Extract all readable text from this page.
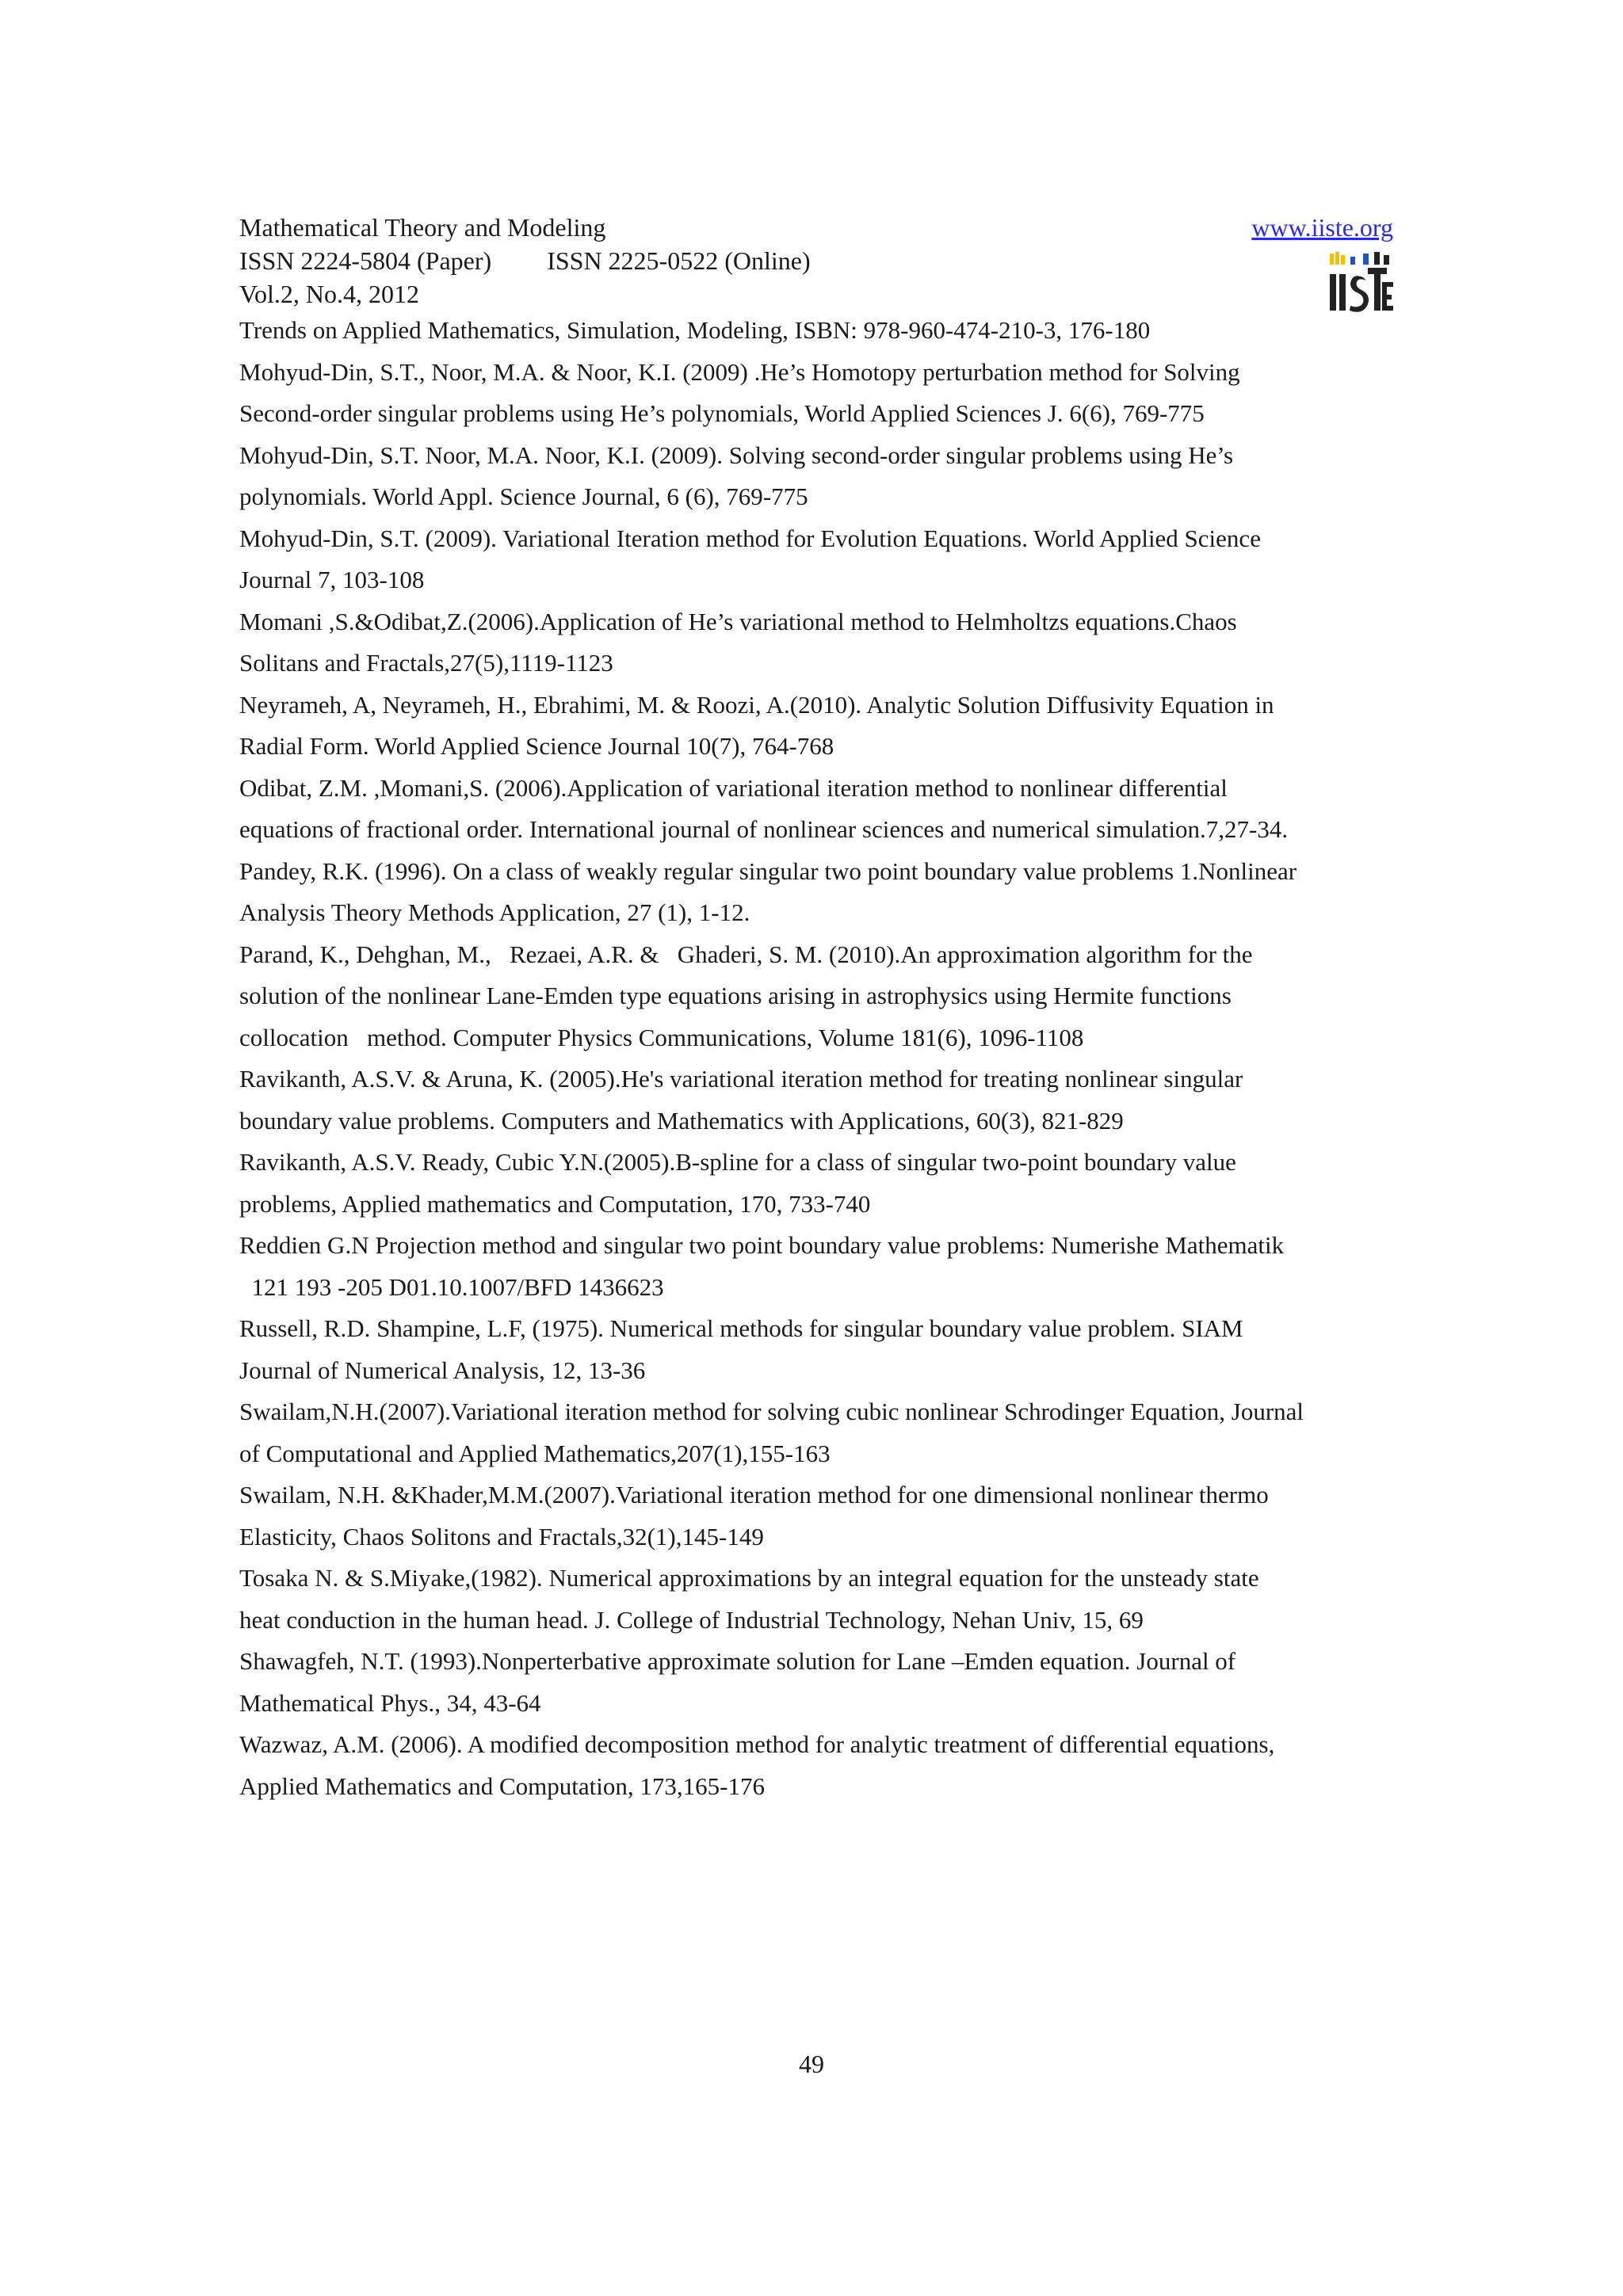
Mathematical Theory and Modeling	www.iiste.org
ISSN 2224-5804 (Paper) ISSN 2225-0522 (Online)
Vol.2, No.4, 2012
Trends on Applied Mathematics, Simulation, Modeling, ISBN: 978-960-474-210-3, 176-180
Mohyud-Din, S.T., Noor, M.A. & Noor, K.I. (2009) .He’s Homotopy perturbation method for Solving
Second-order singular problems using He’s polynomials, World Applied Sciences J. 6(6), 769-775
Mohyud-Din, S.T. Noor, M.A. Noor, K.I. (2009). Solving second-order singular problems using He’s
polynomials. World Appl. Science Journal, 6 (6), 769-775
Mohyud-Din, S.T. (2009). Variational Iteration method for Evolution Equations. World Applied Science
Journal 7, 103-108
Momani ,S.&Odibat,Z.(2006).Application of He’s variational method to Helmholtzs equations.Chaos
Solitans and Fractals,27(5),1119-1123
Neyrameh, A, Neyrameh, H., Ebrahimi, M. & Roozi, A.(2010). Analytic Solution Diffusivity Equation in
Radial Form. World Applied Science Journal 10(7), 764-768
Odibat, Z.M. ,Momani,S. (2006).Application of variational iteration method to nonlinear differential
equations of fractional order. International journal of nonlinear sciences and numerical simulation.7,27-34.
Pandey, R.K. (1996). On a class of weakly regular singular two point boundary value problems 1.Nonlinear
Analysis Theory Methods Application, 27 (1), 1-12.
Parand, K., Dehghan, M.,   Rezaei, A.R. &   Ghaderi, S. M. (2010).An approximation algorithm for the
solution of the nonlinear Lane-Emden type equations arising in astrophysics using Hermite functions
collocation   method. Computer Physics Communications, Volume 181(6), 1096-1108
Ravikanth, A.S.V. & Aruna, K. (2005).He's variational iteration method for treating nonlinear singular
boundary value problems. Computers and Mathematics with Applications, 60(3), 821-829
Ravikanth, A.S.V. Ready, Cubic Y.N.(2005).B-spline for a class of singular two-point boundary value
problems, Applied mathematics and Computation, 170, 733-740
Reddien G.N Projection method and singular two point boundary value problems: Numerishe Mathematik
121 193 -205 D01.10.1007/BFD 1436623
Russell, R.D. Shampine, L.F, (1975). Numerical methods for singular boundary value problem. SIAM
Journal of Numerical Analysis, 12, 13-36
Swailam,N.H.(2007).Variational iteration method for solving cubic nonlinear Schrodinger Equation, Journal
of Computational and Applied Mathematics,207(1),155-163
Swailam, N.H. &Khader,M.M.(2007).Variational iteration method for one dimensional nonlinear thermo
Elasticity, Chaos Solitons and Fractals,32(1),145-149
Tosaka N. & S.Miyake,(1982). Numerical approximations by an integral equation for the unsteady state
heat conduction in the human head. J. College of Industrial Technology, Nehan Univ, 15, 69
Shawagfeh, N.T. (1993).Nonperterbative approximate solution for Lane –Emden equation. Journal of
Mathematical Phys., 34, 43-64
Wazwaz, A.M. (2006). A modified decomposition method for analytic treatment of differential equations,
Applied Mathematics and Computation, 173,165-176
49
